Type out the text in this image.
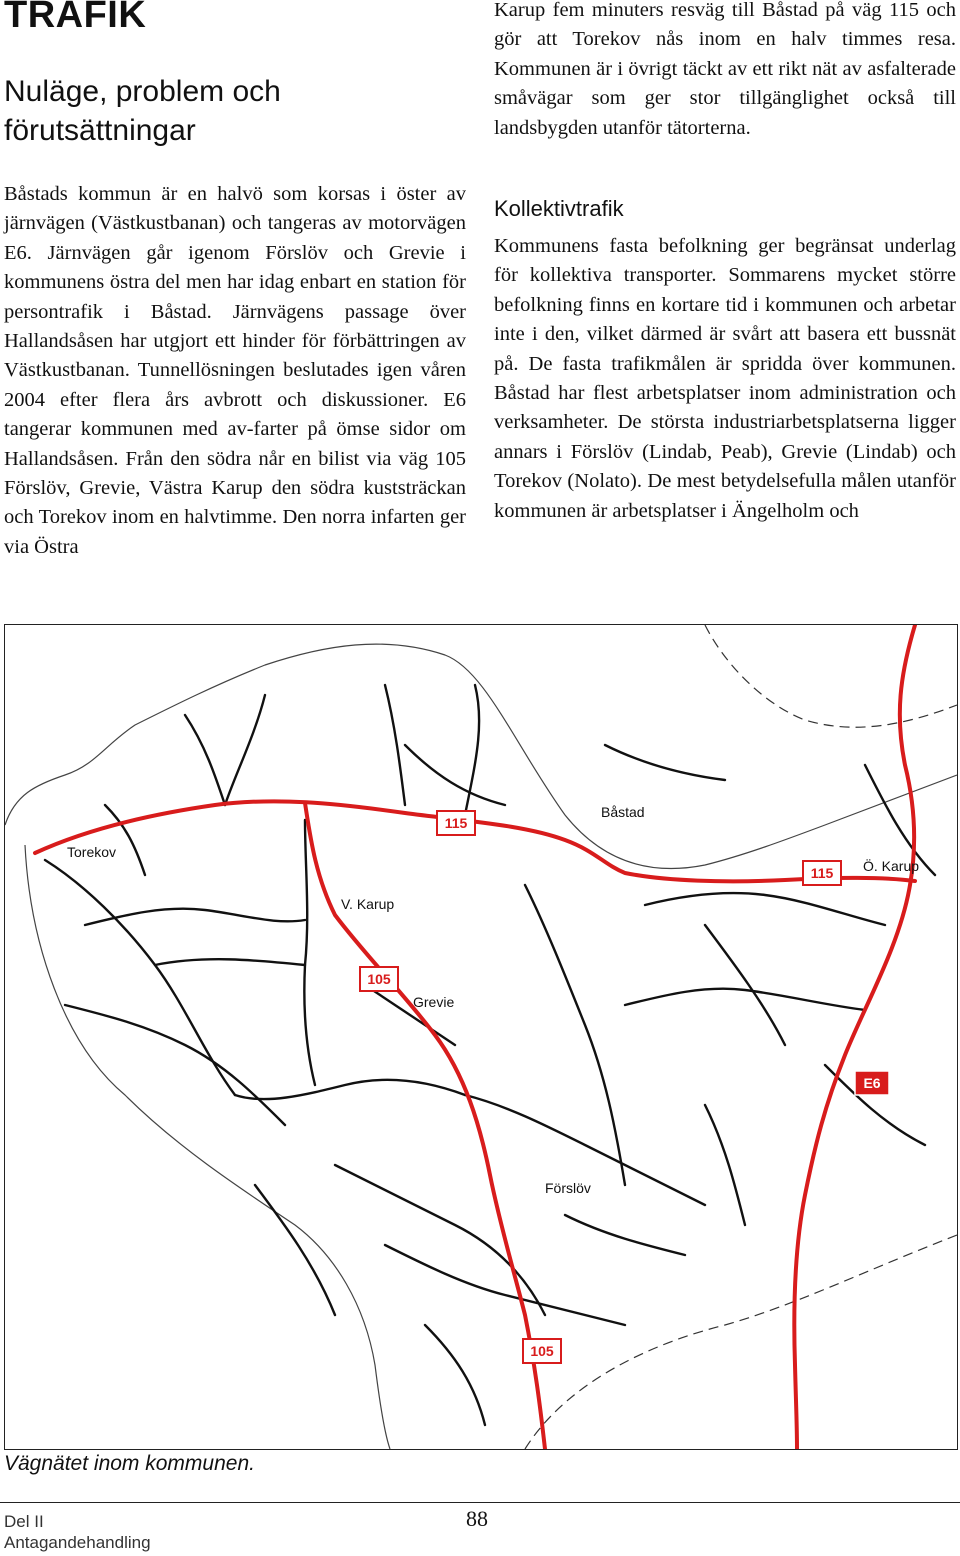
TRAFIK
Nuläge, problem och
förutsättningar

Båstads kommun är en halvö som korsas i öster av järnvägen (Västkustbanan) och tangeras av motorvägen E6. Järnvägen går igenom Förslöv och Grevie i kommunens östra del men har idag enbart en station för persontrafik i Båstad. Järnvägens passage över Hallandsåsen har utgjort ett hinder för förbättringen av Västkustbanan. Tunnellösningen beslutades igen våren 2004 efter flera års avbrott och diskussioner. E6 tangerar kommunen med av-farter på ömse sidor om Hallandsåsen. Från den södra når en bilist via väg 105 Förslöv, Grevie, Västra Karup den södra kuststräckan och Torekov inom en halvtimme. Den norra infarten ger via Östra

Karup fem minuters resväg till Båstad på väg 115 och gör att Torekov nås inom en halv timmes resa. Kommunen är i övrigt täckt av ett rikt nät av asfalterade småvägar som ger stor tillgänglighet också till landsbygden utanför tätorterna.

Kollektivtrafik

Kommunens fasta befolkning ger begränsat underlag för kollektiva transporter. Sommarens mycket större befolkning finns en kortare tid i kommunen och arbetar inte i den, vilket därmed är svårt att basera ett bussnät på. De fasta trafikmålen är spridda över kommunen. Båstad har flest arbetsplatser inom administration och verksamheter. De största industriarbetsplatserna ligger annars i Förslöv (Lindab, Peab), Grevie (Lindab) och Torekov (Nolato). De mest betydelsefulla målen utanför kommunen är arbetsplatser i Ängelholm och

Torekov
Båstad
V. Karup
Ö. Karup
Grevie
Förslöv
115
115
105
105
E6
Vägnätet inom kommunen.
Del II
Antagandehandling
88
